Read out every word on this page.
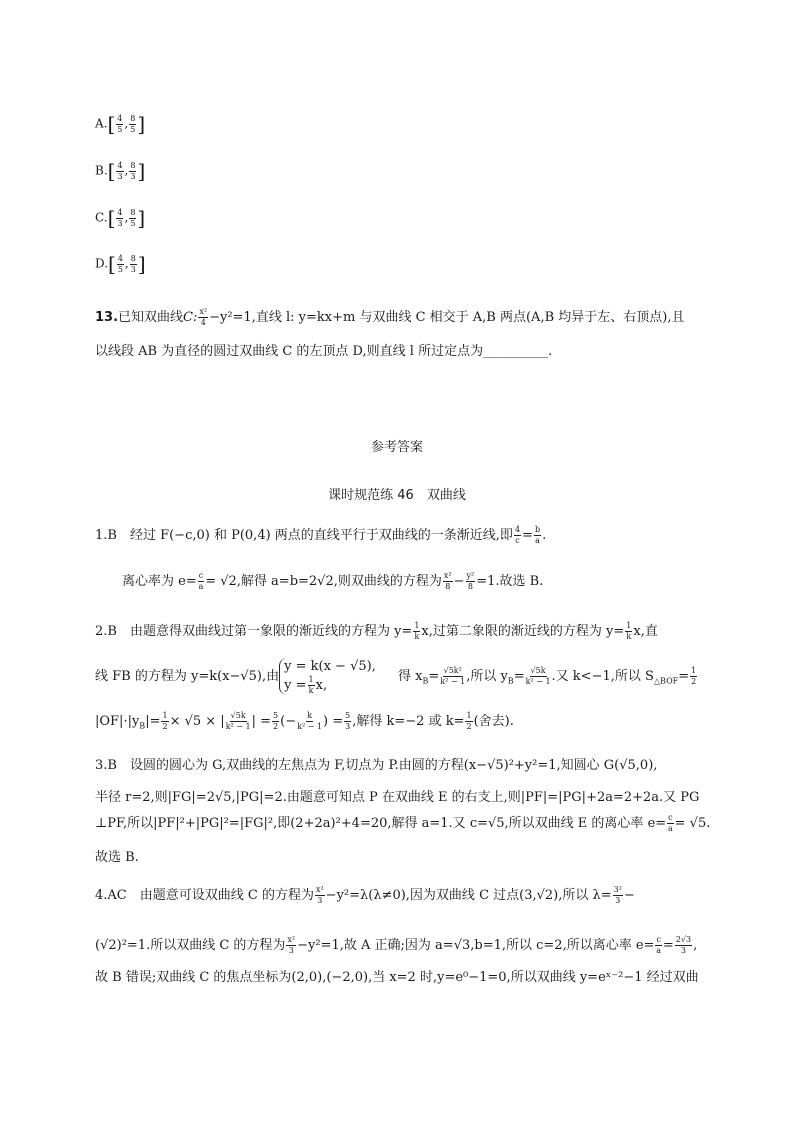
$A.[ \frac{4}{5}$ , $\frac{8}{5}$ ]
$B.[ \frac{4}{3}$ , $\frac{8}{3}$ ]
$C.[ \frac{4}{3}$ , $\frac{8}{5}$ ]
$D.[ \frac{4}{5}$ , $\frac{8}{3}$ ]
13.已知双曲线C: $\frac{\text{x²}}{4} -y^2=1$,直线 l: y=kx+m 与双曲线 C 相交于 A,B 两点(A,B 均异于左、右顶点),且
以线段 AB 为直径的圆过双曲线 C 的左顶点 D,则直线 l 所过定点为__________.
参考答案
课时规范练 46　双曲线
1.B　经过 F(−c,0) 和 P(0,4) 两点的直线平行于双曲线的一条渐近线,即 $\frac{4}{c} = \frac{b}{a}$ .
离心率为 $e= \frac{c}{a} = √2$,解得 a=b=2√2,则双曲线的方程为 $\frac{\text{x²}}{8} - \frac{\text{y²}}{8} =1$.故选 B.
2.B　由题意得双曲线过第一象限的渐近线的方程为 $y= \frac{1}{k} x$,过第二象限的渐近线的方程为 $y= \frac{1}{k} x$,直
线 FB 的方程为 y=k(x−√5),由y = k(x − √5),
$y = \frac{1}{k} x$, 得 $x_B= \frac{\text{√5k²}}{\text{k² − 1}}$ ,所以 $y_B= \frac{√5k}{\text{k² − 1}}$ .又 k<−1,所以 $S_{\triangle BOF}= \frac{1}{2}$
$|OF|\cdot|y_B|= \frac{1}{2} \times √5$ × | $\frac{√5k}{\text{k² − 1}}$ | = $\frac{5}{2}$ (− $\frac{k}{\text{k² − 1}}$ ) = $\frac{5}{3}$ ,解得 k=−2 或 $k= \frac{1}{2}$ (舍去).
3.B　设圆的圆心为 G,双曲线的左焦点为 F,切点为 P.由圆的方程(x−√5)²+y²=1,知圆心 G(√5,0),
半径 r=2,则|FG|=2√5,|PG|=2.由题意可知点 P 在双曲线 E 的右支上,则|PF|=|PG|+2a=2+2a.又 PG
⊥PF,所以|PF|²+|PG|²=|FG|²,即(2+2a)²+4=20,解得 a=1.又 c=√5,所以双曲线 E 的离心率 $e= \frac{c}{a} = √5$.
故选 B.
4.AC　由题意可设双曲线 C 的方程为 $\frac{\text{x²}}{3} -y^2=\lambda(\lambda\ne 0)$,因为双曲线 C 过点(3,√2),所以 $\lambda= \frac{\text{3²}}{3}$ −
(√2)²=1.所以双曲线 C 的方程为 $\frac{\text{x²}}{3} -y^2=1$,故 A 正确;因为 a=√3,b=1,所以 c=2,所以离心率 $e= \frac{c}{a} = \frac{2√3}{3}$ ,
故 B 错误;双曲线 C 的焦点坐标为(2,0),(−2,0),当 x=2 时,y=e⁰−1=0,所以双曲线 y=eˣ⁻²−1 经过双曲
